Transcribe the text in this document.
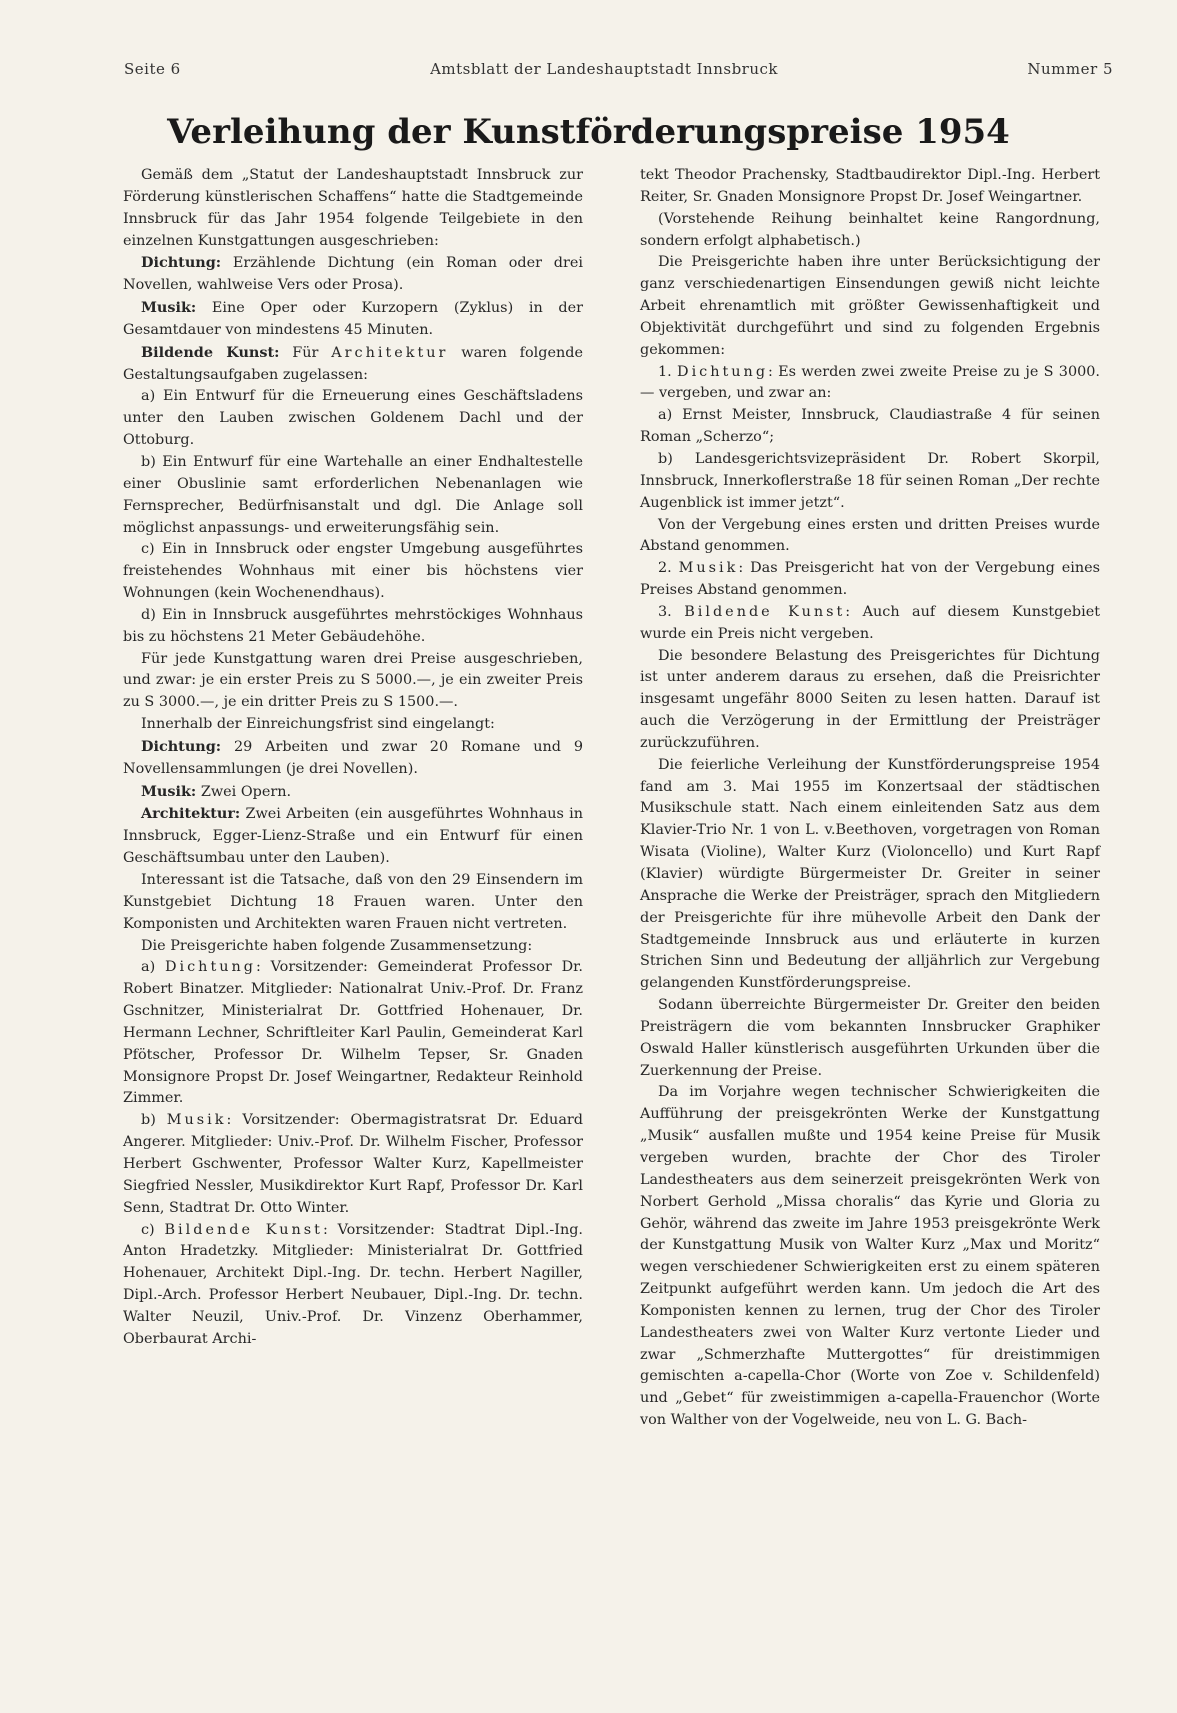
Seite 6	Amtsblatt der Landeshauptstadt Innsbruck	Nummer 5
Verleihung der Kunstförderungspreise 1954

Gemäß dem „Statut der Landeshauptstadt Innsbruck zur Förderung künstlerischen Schaffens“ hatte die Stadtgemeinde Innsbruck für das Jahr 1954 folgende Teilgebiete in den einzelnen Kunstgattungen ausgeschrieben:

Dichtung: Erzählende Dichtung (ein Roman oder drei Novellen, wahlweise Vers oder Prosa).

Musik: Eine Oper oder Kurzopern (Zyklus) in der Gesamtdauer von mindestens 45 Minuten.

Bildende Kunst: Für Architektur waren folgende Gestaltungsaufgaben zugelassen:

a) Ein Entwurf für die Erneuerung eines Geschäftsladens unter den Lauben zwischen Goldenem Dachl und der Ottoburg.

b) Ein Entwurf für eine Wartehalle an einer Endhaltestelle einer Obuslinie samt erforderlichen Nebenanlagen wie Fernsprecher, Bedürfnisanstalt und dgl. Die Anlage soll möglichst anpassungs- und erweiterungsfähig sein.

c) Ein in Innsbruck oder engster Umgebung ausgeführtes freistehendes Wohnhaus mit einer bis höchstens vier Wohnungen (kein Wochenendhaus).

d) Ein in Innsbruck ausgeführtes mehrstöckiges Wohnhaus bis zu höchstens 21 Meter Gebäudehöhe.

Für jede Kunstgattung waren drei Preise ausgeschrieben, und zwar: je ein erster Preis zu S 5000.—, je ein zweiter Preis zu S 3000.—, je ein dritter Preis zu S 1500.—.

Innerhalb der Einreichungsfrist sind eingelangt:

Dichtung: 29 Arbeiten und zwar 20 Romane und 9 Novellensammlungen (je drei Novellen).

Musik: Zwei Opern.

Architektur: Zwei Arbeiten (ein ausgeführtes Wohnhaus in Innsbruck, Egger-Lienz-Straße und ein Entwurf für einen Geschäftsumbau unter den Lauben).

Interessant ist die Tatsache, daß von den 29 Einsendern im Kunstgebiet Dichtung 18 Frauen waren. Unter den Komponisten und Architekten waren Frauen nicht vertreten.

Die Preisgerichte haben folgende Zusammensetzung:

a) Dichtung: Vorsitzender: Gemeinderat Professor Dr. Robert Binatzer. Mitglieder: Nationalrat Univ.-Prof. Dr. Franz Gschnitzer, Ministerialrat Dr. Gottfried Hohenauer, Dr. Hermann Lechner, Schriftleiter Karl Paulin, Gemeinderat Karl Pfötscher, Professor Dr. Wilhelm Tepser, Sr. Gnaden Monsignore Propst Dr. Josef Weingartner, Redakteur Reinhold Zimmer.

b) Musik: Vorsitzender: Obermagistratsrat Dr. Eduard Angerer. Mitglieder: Univ.-Prof. Dr. Wilhelm Fischer, Professor Herbert Gschwenter, Professor Walter Kurz, Kapellmeister Siegfried Nessler, Musikdirektor Kurt Rapf, Professor Dr. Karl Senn, Stadtrat Dr. Otto Winter.

c) Bildende Kunst: Vorsitzender: Stadtrat Dipl.-Ing. Anton Hradetzky. Mitglieder: Ministerialrat Dr. Gottfried Hohenauer, Architekt Dipl.-Ing. Dr. techn. Herbert Nagiller, Dipl.-Arch. Professor Herbert Neubauer, Dipl.-Ing. Dr. techn. Walter Neuzil, Univ.-Prof. Dr. Vinzenz Oberhammer, Oberbaurat Archi-

tekt Theodor Prachensky, Stadtbaudirektor Dipl.-Ing. Herbert Reiter, Sr. Gnaden Monsignore Propst Dr. Josef Weingartner.

(Vorstehende Reihung beinhaltet keine Rangordnung, sondern erfolgt alphabetisch.)

Die Preisgerichte haben ihre unter Berücksichtigung der ganz verschiedenartigen Einsendungen gewiß nicht leichte Arbeit ehrenamtlich mit größter Gewissenhaftigkeit und Objektivität durchgeführt und sind zu folgenden Ergebnis gekommen:

1. Dichtung: Es werden zwei zweite Preise zu je S 3000.— vergeben, und zwar an:

a) Ernst Meister, Innsbruck, Claudiastraße 4 für seinen Roman „Scherzo“;

b) Landesgerichtsvizepräsident Dr. Robert Skorpil, Innsbruck, Innerkoflerstraße 18 für seinen Roman „Der rechte Augenblick ist immer jetzt“.

Von der Vergebung eines ersten und dritten Preises wurde Abstand genommen.

2. Musik: Das Preisgericht hat von der Vergebung eines Preises Abstand genommen.

3. Bildende Kunst: Auch auf diesem Kunstgebiet wurde ein Preis nicht vergeben.

Die besondere Belastung des Preisgerichtes für Dichtung ist unter anderem daraus zu ersehen, daß die Preisrichter insgesamt ungefähr 8000 Seiten zu lesen hatten. Darauf ist auch die Verzögerung in der Ermittlung der Preisträger zurückzuführen.

Die feierliche Verleihung der Kunstförderungspreise 1954 fand am 3. Mai 1955 im Konzertsaal der städtischen Musikschule statt. Nach einem einleitenden Satz aus dem Klavier-Trio Nr. 1 von L. v.Beethoven, vorgetragen von Roman Wisata (Violine), Walter Kurz (Violoncello) und Kurt Rapf (Klavier) würdigte Bürgermeister Dr. Greiter in seiner Ansprache die Werke der Preisträger, sprach den Mitgliedern der Preisgerichte für ihre mühevolle Arbeit den Dank der Stadtgemeinde Innsbruck aus und erläuterte in kurzen Strichen Sinn und Bedeutung der alljährlich zur Vergebung gelangenden Kunstförderungspreise.

Sodann überreichte Bürgermeister Dr. Greiter den beiden Preisträgern die vom bekannten Innsbrucker Graphiker Oswald Haller künstlerisch ausgeführten Urkunden über die Zuerkennung der Preise.

Da im Vorjahre wegen technischer Schwierigkeiten die Aufführung der preisgekrönten Werke der Kunstgattung „Musik“ ausfallen mußte und 1954 keine Preise für Musik vergeben wurden, brachte der Chor des Tiroler Landestheaters aus dem seinerzeit preisgekrönten Werk von Norbert Gerhold „Missa choralis“ das Kyrie und Gloria zu Gehör, während das zweite im Jahre 1953 preisgekrönte Werk der Kunstgattung Musik von Walter Kurz „Max und Moritz“ wegen verschiedener Schwierigkeiten erst zu einem späteren Zeitpunkt aufgeführt werden kann. Um jedoch die Art des Komponisten kennen zu lernen, trug der Chor des Tiroler Landestheaters zwei von Walter Kurz vertonte Lieder und zwar „Schmerzhafte Muttergottes“ für dreistimmigen gemischten a-capella-Chor (Worte von Zoe v. Schildenfeld) und „Gebet“ für zweistimmigen a-capella-Frauenchor (Worte von Walther von der Vogelweide, neu von L. G. Bach-
